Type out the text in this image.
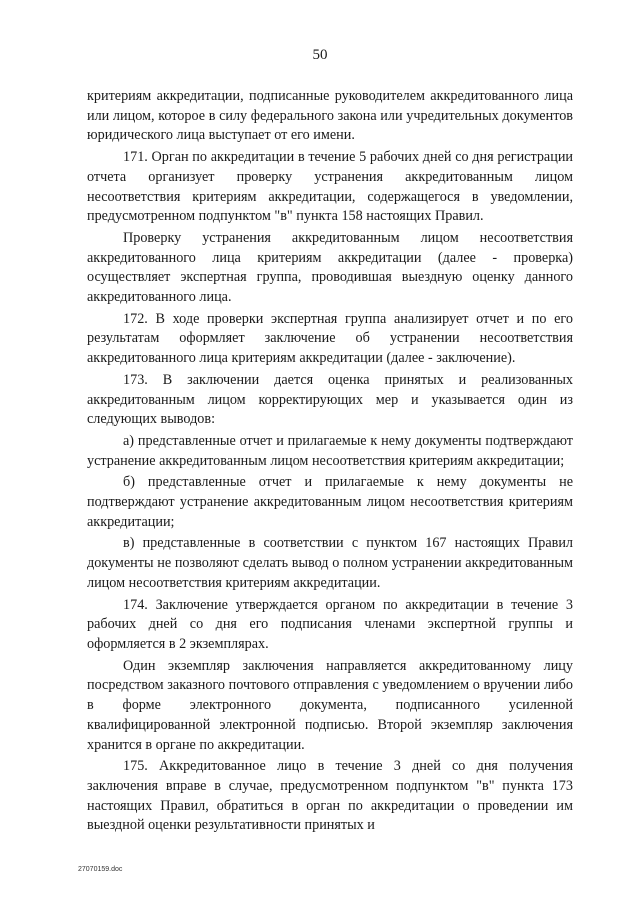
50

критериям аккредитации, подписанные руководителем аккредитованного лица или лицом, которое в силу федерального закона или учредительных документов юридического лица выступает от его имени.

171. Орган по аккредитации в течение 5 рабочих дней со дня регистрации отчета организует проверку устранения аккредитованным лицом несоответствия критериям аккредитации, содержащегося в уведомлении, предусмотренном подпунктом "в" пункта 158 настоящих Правил.

Проверку устранения аккредитованным лицом несоответствия аккредитованного лица критериям аккредитации (далее - проверка) осуществляет экспертная группа, проводившая выездную оценку данного аккредитованного лица.

172. В ходе проверки экспертная группа анализирует отчет и по его результатам оформляет заключение об устранении несоответствия аккредитованного лица критериям аккредитации (далее - заключение).

173. В заключении дается оценка принятых и реализованных аккредитованным лицом корректирующих мер и указывается один из следующих выводов:

а) представленные отчет и прилагаемые к нему документы подтверждают устранение аккредитованным лицом несоответствия критериям аккредитации;

б) представленные отчет и прилагаемые к нему документы не подтверждают устранение аккредитованным лицом несоответствия критериям аккредитации;

в) представленные в соответствии с пунктом 167 настоящих Правил документы не позволяют сделать вывод о полном устранении аккредитованным лицом несоответствия критериям аккредитации.

174. Заключение утверждается органом по аккредитации в течение 3 рабочих дней со дня его подписания членами экспертной группы и оформляется в 2 экземплярах.

Один экземпляр заключения направляется аккредитованному лицу посредством заказного почтового отправления с уведомлением о вручении либо в форме электронного документа, подписанного усиленной квалифицированной электронной подписью. Второй экземпляр заключения хранится в органе по аккредитации.

175. Аккредитованное лицо в течение 3 дней со дня получения заключения вправе в случае, предусмотренном подпунктом "в" пункта 173 настоящих Правил, обратиться в орган по аккредитации о проведении им выездной оценки результативности принятых и

27070159.doc
